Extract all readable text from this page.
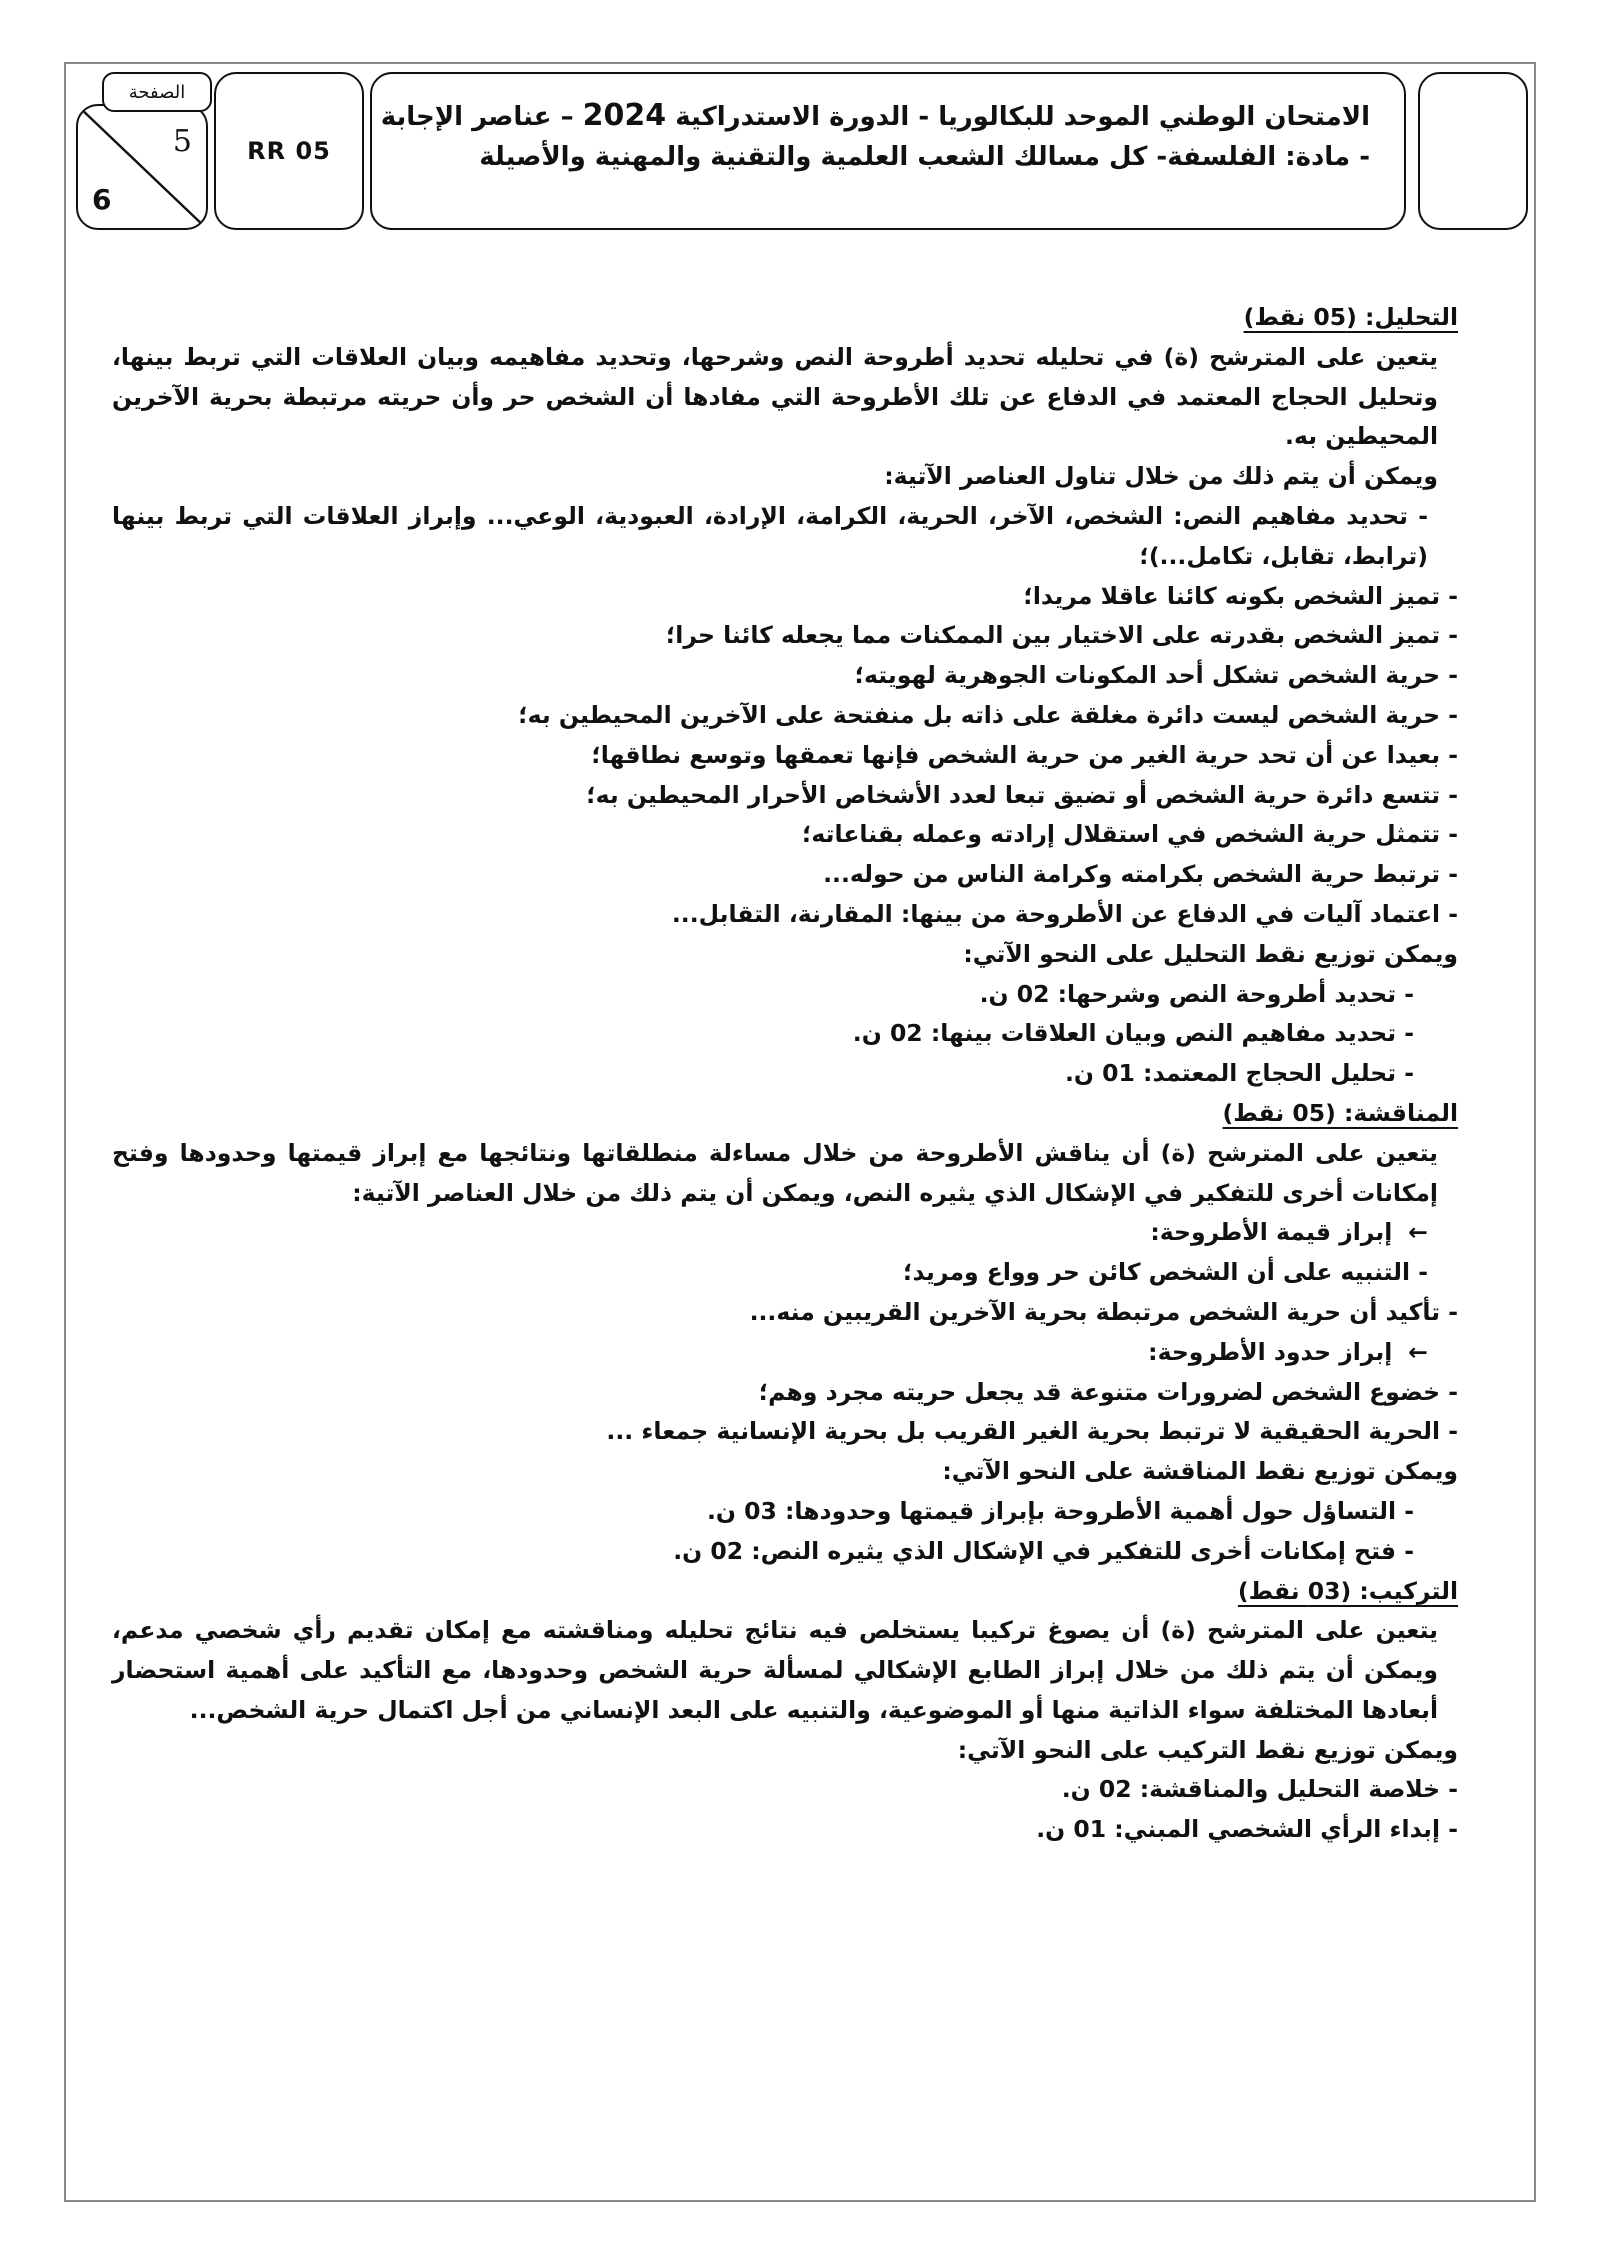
الامتحان الوطني الموحد للبكالوريا - الدورة الاستدراكية 2024 – عناصر الإجابة
- مادة: الفلسفة- كل مسالك الشعب العلمية والتقنية والمهنية والأصيلة
RR 05
الصفحة
5
6

التحليل: (05 نقط)

يتعين على المترشح (ة) في تحليله تحديد أطروحة النص وشرحها، وتحديد مفاهيمه وبيان العلاقات التي تربط بينها، وتحليل الحجاج المعتمد في الدفاع عن تلك الأطروحة التي مفادها أن الشخص حر وأن حريته مرتبطة بحرية الآخرين المحيطين به.

ويمكن أن يتم ذلك من خلال تناول العناصر الآتية:

- تحديد مفاهيم النص: الشخص، الآخر، الحرية، الكرامة، الإرادة، العبودية، الوعي... وإبراز العلاقات التي تربط بينها (ترابط، تقابل، تكامل...)؛

- تميز الشخص بكونه كائنا عاقلا مريدا؛

- تميز الشخص بقدرته على الاختيار بين الممكنات مما يجعله كائنا حرا؛

- حرية الشخص تشكل أحد المكونات الجوهرية لهويته؛

- حرية الشخص ليست دائرة مغلقة على ذاته بل منفتحة على الآخرين المحيطين به؛

- بعيدا عن أن تحد حرية الغير من حرية الشخص فإنها تعمقها وتوسع نطاقها؛

- تتسع دائرة حرية الشخص أو تضيق تبعا لعدد الأشخاص الأحرار المحيطين به؛

- تتمثل حرية الشخص في استقلال إرادته وعمله بقناعاته؛

- ترتبط حرية الشخص بكرامته وكرامة الناس من حوله...

- اعتماد آليات في الدفاع عن الأطروحة من بينها: المقارنة، التقابل...

ويمكن توزيع نقط التحليل على النحو الآتي:

- تحديد أطروحة النص وشرحها: 02 ن.

- تحديد مفاهيم النص وبيان العلاقات بينها: 02 ن.

- تحليل الحجاج المعتمد: 01 ن.

المناقشة: (05 نقط)

يتعين على المترشح (ة) أن يناقش الأطروحة من خلال مساءلة منطلقاتها ونتائجها مع إبراز قيمتها وحدودها وفتح إمكانات أخرى للتفكير في الإشكال الذي يثيره النص، ويمكن أن يتم ذلك من خلال العناصر الآتية:

←إبراز قيمة الأطروحة:

- التنبيه على أن الشخص كائن حر وواع ومريد؛

- تأكيد أن حرية الشخص مرتبطة بحرية الآخرين القريبين منه...

←إبراز حدود الأطروحة:

- خضوع الشخص لضرورات متنوعة قد يجعل حريته مجرد وهم؛

- الحرية الحقيقية لا ترتبط بحرية الغير القريب بل بحرية الإنسانية جمعاء ...

ويمكن توزيع نقط المناقشة على النحو الآتي:

- التساؤل حول أهمية الأطروحة بإبراز قيمتها وحدودها: 03 ن.

- فتح إمكانات أخرى للتفكير في الإشكال الذي يثيره النص: 02 ن.

التركيب: (03 نقط)

يتعين على المترشح (ة) أن يصوغ تركيبا يستخلص فيه نتائج تحليله ومناقشته مع إمكان تقديم رأي شخصي مدعم، ويمكن أن يتم ذلك من خلال إبراز الطابع الإشكالي لمسألة حرية الشخص وحدودها، مع التأكيد على أهمية استحضار أبعادها المختلفة سواء الذاتية منها أو الموضوعية، والتنبيه على البعد الإنساني من أجل اكتمال حرية الشخص...

ويمكن توزيع نقط التركيب على النحو الآتي:

- خلاصة التحليل والمناقشة: 02 ن.

- إبداء الرأي الشخصي المبني: 01 ن.
